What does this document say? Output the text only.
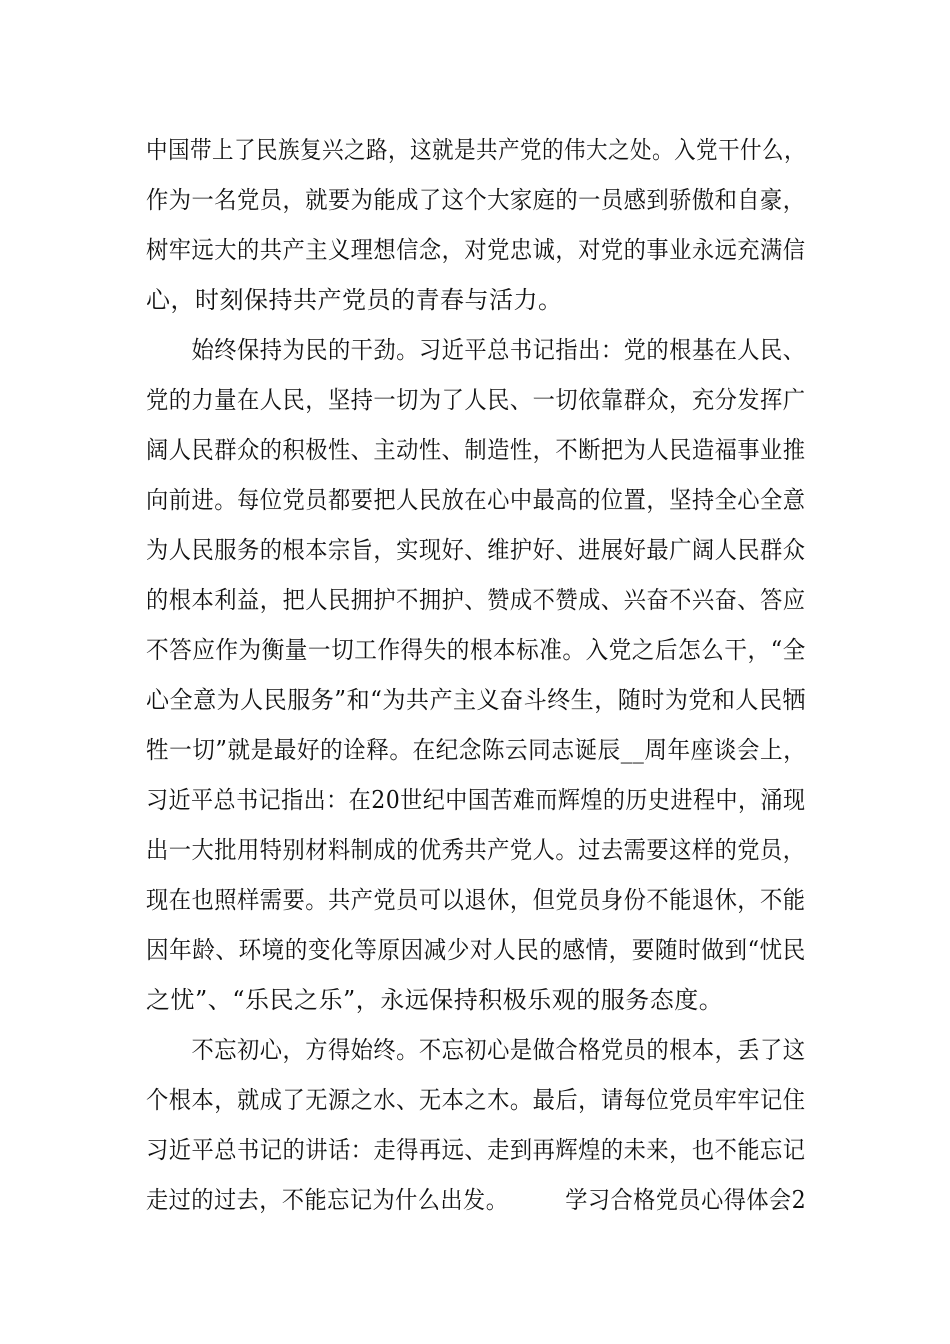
中国带上了民族复兴之路，这就是共产党的伟大之处。入党干什么，
作为一名党员，就要为能成了这个大家庭的一员感到骄傲和自豪，
树牢远大的共产主义理想信念，对党忠诚，对党的事业永远充满信
心，时刻保持共产党员的青春与活力。
　　始终保持为民的干劲。习近平总书记指出：党的根基在人民、
党的力量在人民，坚持一切为了人民、一切依靠群众，充分发挥广
阔人民群众的积极性、主动性、制造性，不断把为人民造福事业推
向前进。每位党员都要把人民放在心中最高的位置，坚持全心全意
为人民服务的根本宗旨，实现好、维护好、进展好最广阔人民群众
的根本利益，把人民拥护不拥护、赞成不赞成、兴奋不兴奋、答应
不答应作为衡量一切工作得失的根本标准。入党之后怎么干，“全
心全意为人民服务”和“为共产主义奋斗终生，随时为党和人民牺
牲一切”就是最好的诠释。在纪念陈云同志诞辰__周年座谈会上，
习近平总书记指出：在20世纪中国苦难而辉煌的历史进程中，涌现
出一大批用特别材料制成的优秀共产党人。过去需要这样的党员，
现在也照样需要。共产党员可以退休，但党员身份不能退休，不能
因年龄、环境的变化等原因减少对人民的感情，要随时做到“忧民
之忧”、“乐民之乐”，永远保持积极乐观的服务态度。
　　不忘初心，方得始终。不忘初心是做合格党员的根本，丢了这
个根本，就成了无源之水、无本之木。最后，请每位党员牢牢记住
习近平总书记的讲话：走得再远、走到再辉煌的未来，也不能忘记
走过的过去，不能忘记为什么出发。　　　学习合格党员心得体会2
